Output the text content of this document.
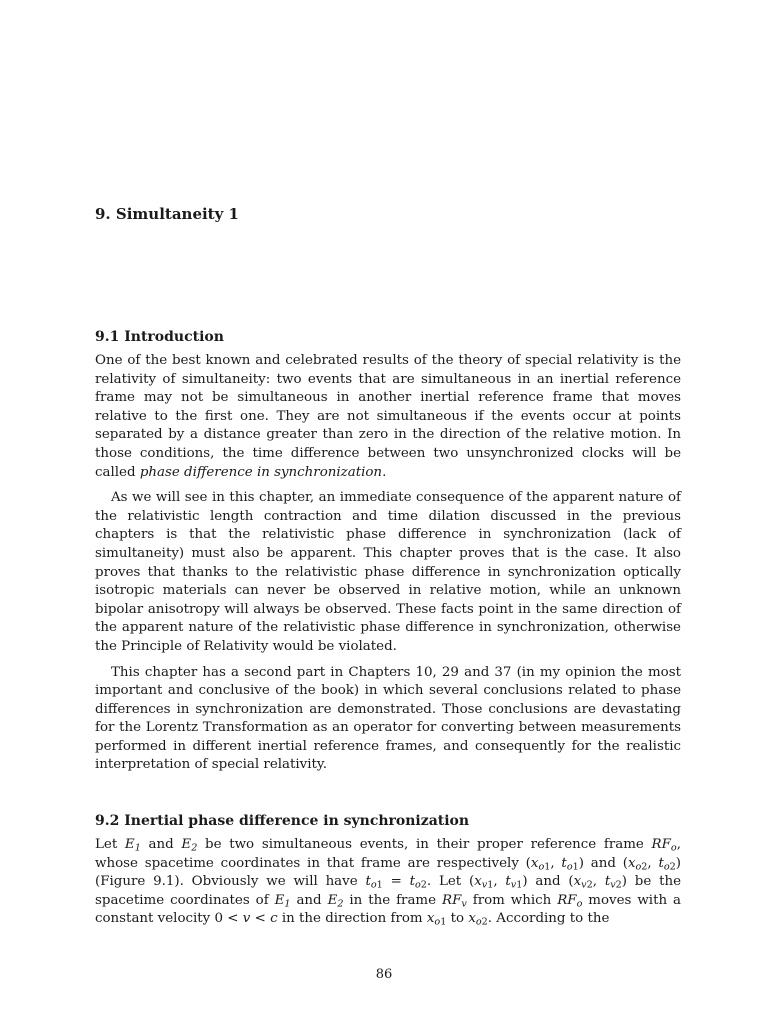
9. Simultaneity 1
9.1 Introduction

One of the best known and celebrated results of the theory of special relativity is the relativity of simultaneity: two events that are simultaneous in an inertial reference frame may not be simultaneous in another inertial reference frame that moves relative to the first one. They are not simultaneous if the events occur at points separated by a distance greater than zero in the direction of the relative motion. In those conditions, the time difference between two unsynchronized clocks will be called phase difference in synchronization.

As we will see in this chapter, an immediate consequence of the apparent nature of the relativistic length contraction and time dilation discussed in the previous chapters is that the relativistic phase difference in synchronization (lack of simultaneity) must also be apparent. This chapter proves that is the case. It also proves that thanks to the relativistic phase difference in synchronization optically isotropic materials can never be observed in relative motion, while an unknown bipolar anisotropy will always be observed. These facts point in the same direction of the apparent nature of the relativistic phase difference in synchronization, otherwise the Principle of Relativity would be violated.

This chapter has a second part in Chapters 10, 29 and 37 (in my opinion the most important and conclusive of the book) in which several conclusions related to phase differences in synchronization are demonstrated. Those conclusions are devastating for the Lorentz Transformation as an operator for converting between measurements performed in different inertial reference frames, and consequently for the realistic interpretation of special relativity.

9.2 Inertial phase difference in synchronization

Let $E_1$ and $E_2$ be two simultaneous events, in their proper reference frame $RF_o$, whose spacetime coordinates in that frame are respectively ($x_{o1}$, $t_{o1}$) and ($x_{o2}$, $t_{o2}$) (Figure 9.1). Obviously we will have $t_{o1} = t_{o2}$. Let ($x_{v1}$, $t_{v1}$) and ($x_{v2}$, $t_{v2}$) be the spacetime coordinates of $E_1$ and $E_2$ in the frame $RF_v$ from which $RF_o$ moves with a constant velocity 0 < v < c in the direction from $x_{o1}$ to $x_{o2}$. According to the

86
